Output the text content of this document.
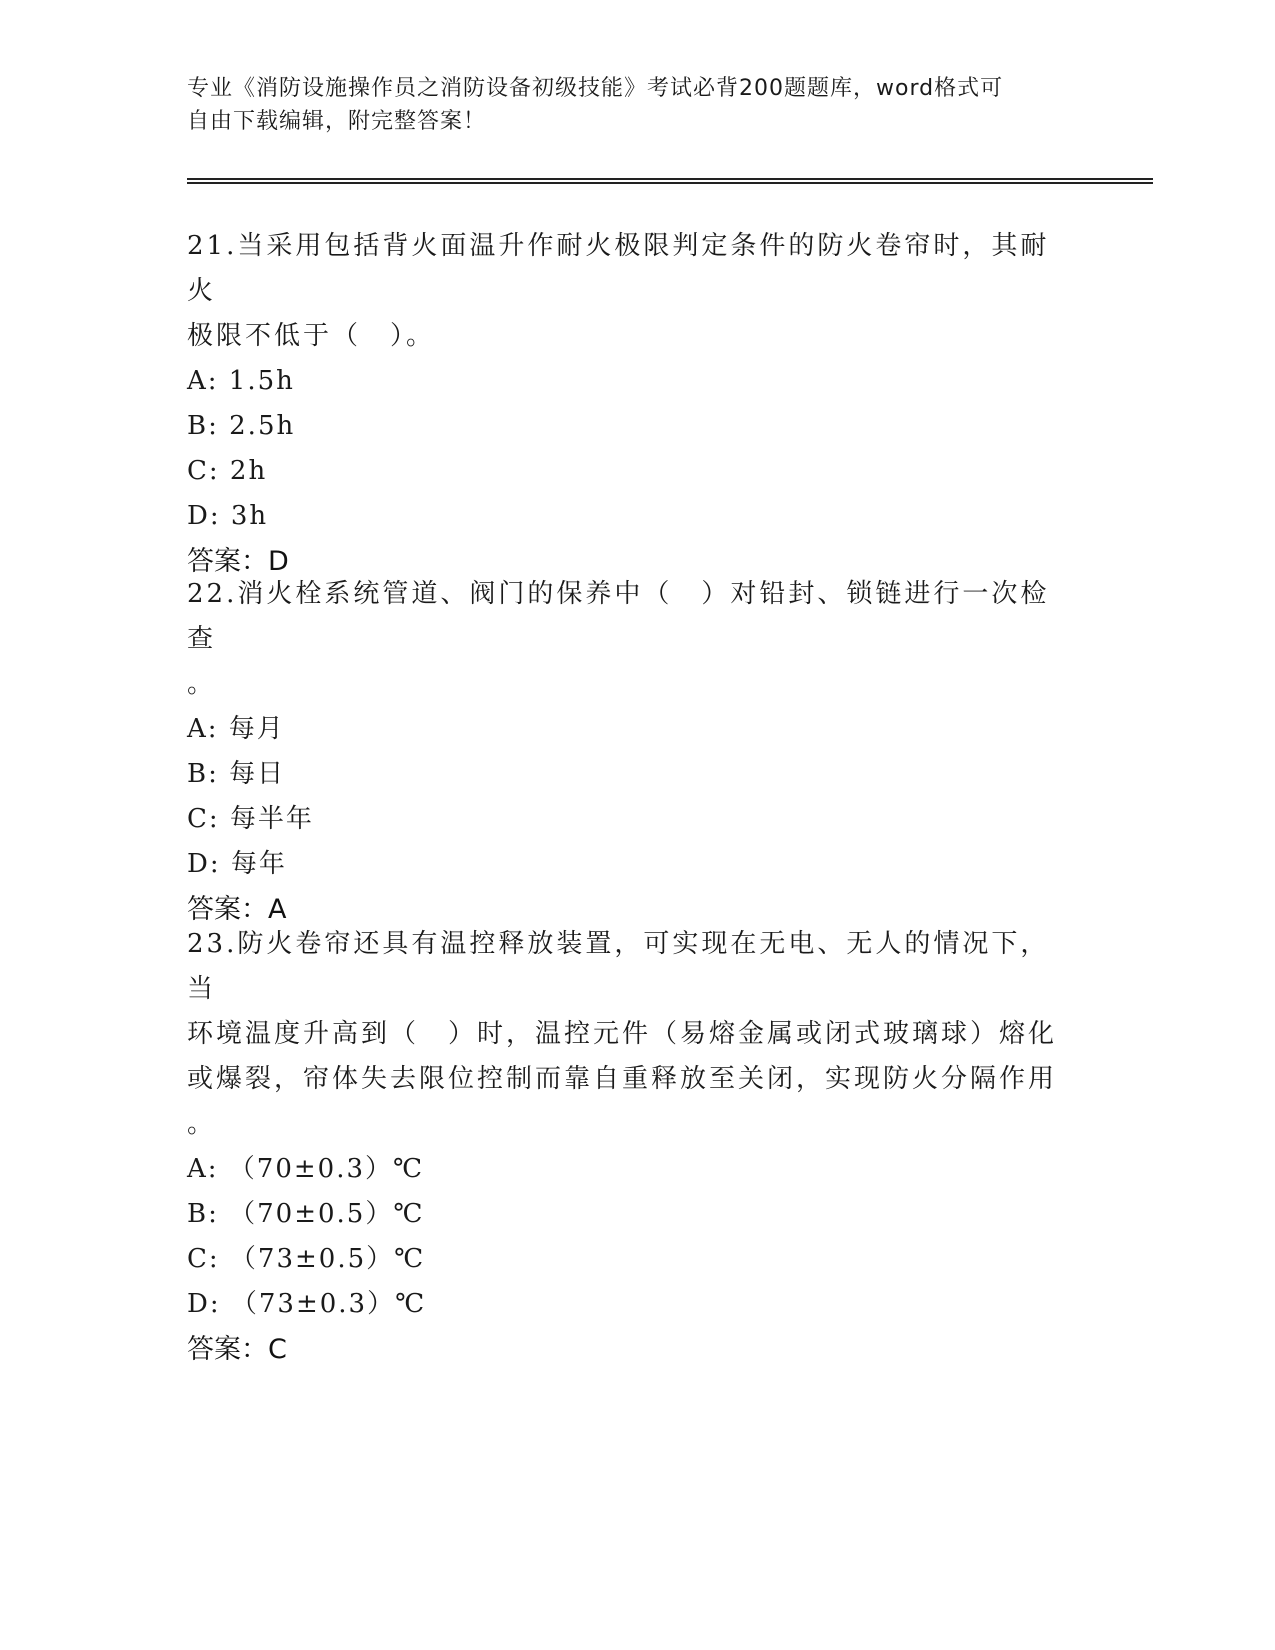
专业《消防设施操作员之消防设备初级技能》考试必背200题题库，word格式可
自由下载编辑，附完整答案！
21.当采用包括背火面温升作耐火极限判定条件的防火卷帘时，其耐火
极限不低于（　）。
A: 1.5h
B: 2.5h
C: 2h
D: 3h
答案：D
22.消火栓系统管道、阀门的保养中（　）对铅封、锁链进行一次检查
。
A: 每月
B: 每日
C: 每半年
D: 每年
答案：A
23.防火卷帘还具有温控释放装置，可实现在无电、无人的情况下，当
环境温度升高到（　）时，温控元件（易熔金属或闭式玻璃球）熔化
或爆裂，帘体失去限位控制而靠自重释放至关闭，实现防火分隔作用
。
A: （70±0.3）℃
B: （70±0.5）℃
C: （73±0.5）℃
D: （73±0.3）℃
答案：C
